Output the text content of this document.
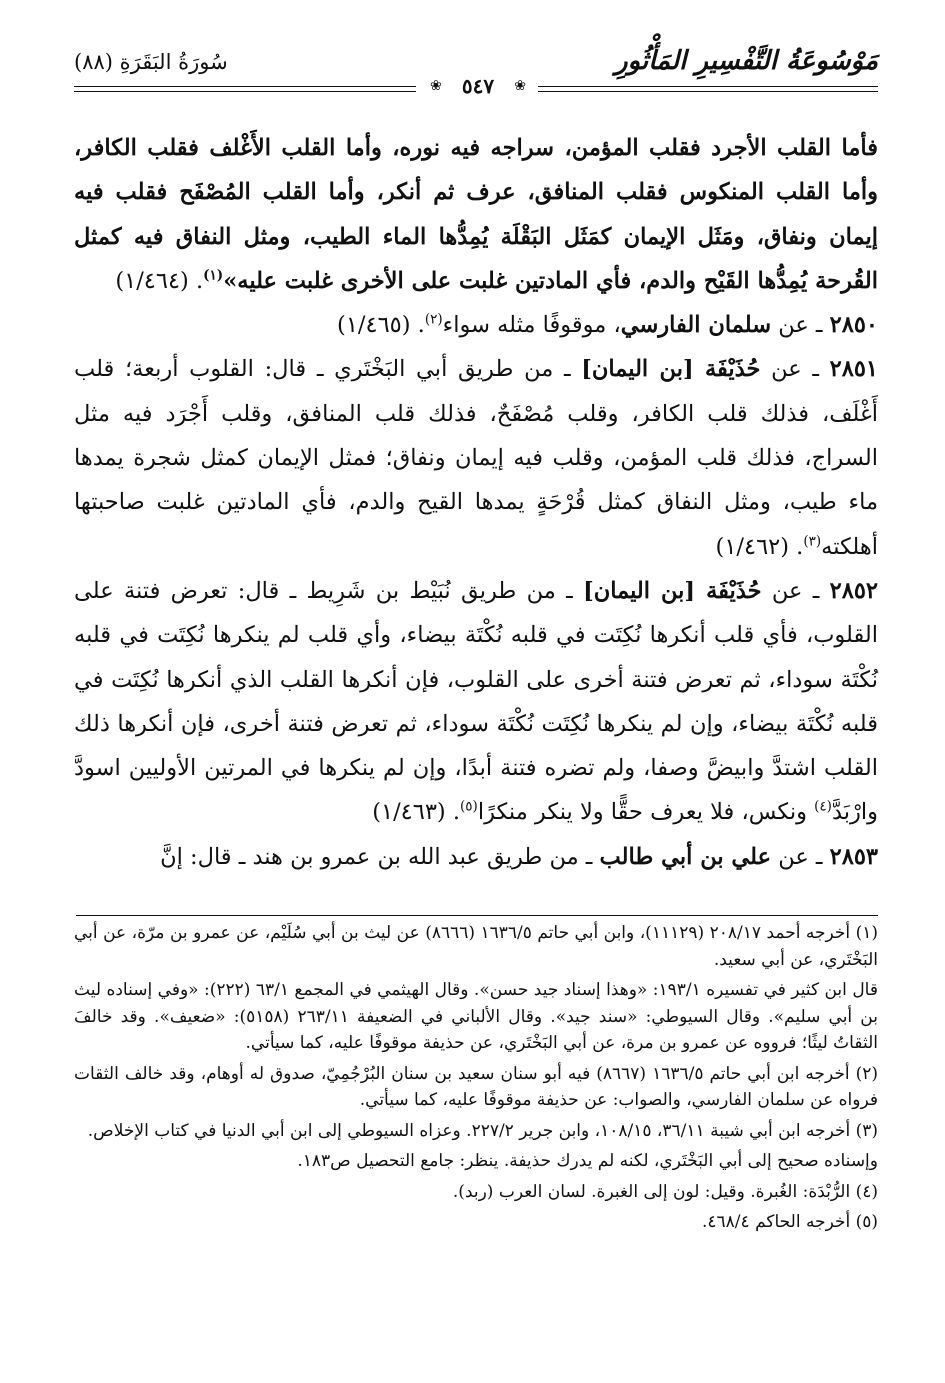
مَوْسُوعَةُ التَّفْسِيرِ المَأْثُورِ
سُورَةُ البَقَرَةِ (٨٨)
❀ ٥٤٧ ❀

فأما القلب الأجرد فقلب المؤمن، سراجه فيه نوره، وأما القلب الأَغْلف فقلب الكافر، وأما القلب المنكوس فقلب المنافق، عرف ثم أنكر، وأما القلب المُصْفَح فقلب فيه إيمان ونفاق، ومَثَل الإيمان كمَثَل البَقْلَة يُمِدُّها الماء الطيب، ومثل النفاق فيه كمثل القُرحة يُمِدُّها القَيْح والدم، فأي المادتين غلبت على الأخرى غلبت عليه»$^{(١)}$. (١/٤٦٤)

٢٨٥٠ ـ عن سلمان الفارسي، موقوفًا مثله سواء$^{(٢)}$. (١/٤٦٥)

٢٨٥١ ـ عن حُذَيْفَة [بن اليمان] ـ من طريق أبي البَخْتَري ـ قال: القلوب أربعة؛ قلب أَغْلَف، فذلك قلب الكافر، وقلب مُصْفَحٌ، فذلك قلب المنافق، وقلب أَجْرَد فيه مثل السراج، فذلك قلب المؤمن، وقلب فيه إيمان ونفاق؛ فمثل الإيمان كمثل شجرة يمدها ماء طيب، ومثل النفاق كمثل قُرْحَةٍ يمدها القيح والدم، فأي المادتين غلبت صاحبتها أهلكته$^{(٣)}$. (١/٤٦٢)

٢٨٥٢ ـ عن حُذَيْفَة [بن اليمان] ـ من طريق نُبَيْط بن شَرِيط ـ قال: تعرض فتنة على القلوب، فأي قلب أنكرها نُكِتَت في قلبه نُكْتَة بيضاء، وأي قلب لم ينكرها نُكِتَت في قلبه نُكْتَة سوداء، ثم تعرض فتنة أخرى على القلوب، فإن أنكرها القلب الذي أنكرها نُكِتَت في قلبه نُكْتَة بيضاء، وإن لم ينكرها نُكِتَت نُكْتَة سوداء، ثم تعرض فتنة أخرى، فإن أنكرها ذلك القلب اشتدَّ وابيضَّ وصفا، ولم تضره فتنة أبدًا، وإن لم ينكرها في المرتين الأوليين اسودَّ وارْبَدَّ$^{(٤)}$ ونكس، فلا يعرف حقًّا ولا ينكر منكرًا$^{(٥)}$. (١/٤٦٣)

٢٨٥٣ ـ عن علي بن أبي طالب ـ من طريق عبد الله بن عمرو بن هند ـ قال: إنَّ

(١) أخرجه أحمد ٢٠٨/١٧ (١١١٢٩)، وابن أبي حاتم ١٦٣٦/٥ (٨٦٦٦) عن ليث بن أبي سُلَيْم، عن عمرو بن مرّة، عن أبي البَخْتَري، عن أبي سعيد.

قال ابن كثير في تفسيره ١٩٣/١: «وهذا إسناد جيد حسن». وقال الهيثمي في المجمع ٦٣/١ (٢٢٢): «وفي إسناده ليث بن أبي سليم». وقال السيوطي: «سند جيد». وقال الألباني في الضعيفة ٢٦٣/١١ (٥١٥٨): «ضعيف». وقد خالفَ الثقاتُ ليثًا؛ فرووه عن عمرو بن مرة، عن أبي البَخْتَري، عن حذيفة موقوفًا عليه، كما سيأتي.

(٢) أخرجه ابن أبي حاتم ١٦٣٦/٥ (٨٦٦٧) فيه أبو سنان سعيد بن سنان البُرْجُمِيّ، صدوق له أوهام، وقد خالف الثقات فرواه عن سلمان الفارسي، والصواب: عن حذيفة موقوفًا عليه، كما سيأتي.

(٣) أخرجه ابن أبي شيبة ٣٦/١١، ١٠٨/١٥، وابن جرير ٢٢٧/٢. وعزاه السيوطي إلى ابن أبي الدنيا في كتاب الإخلاص.

وإسناده صحيح إلى أبي البَخْتَري، لكنه لم يدرك حذيفة. ينظر: جامع التحصيل ص١٨٣.

(٤) الرُّبْدَة: الغُبرة. وقيل: لون إلى الغبرة. لسان العرب (ربد).

(٥) أخرجه الحاكم ٤٦٨/٤.
